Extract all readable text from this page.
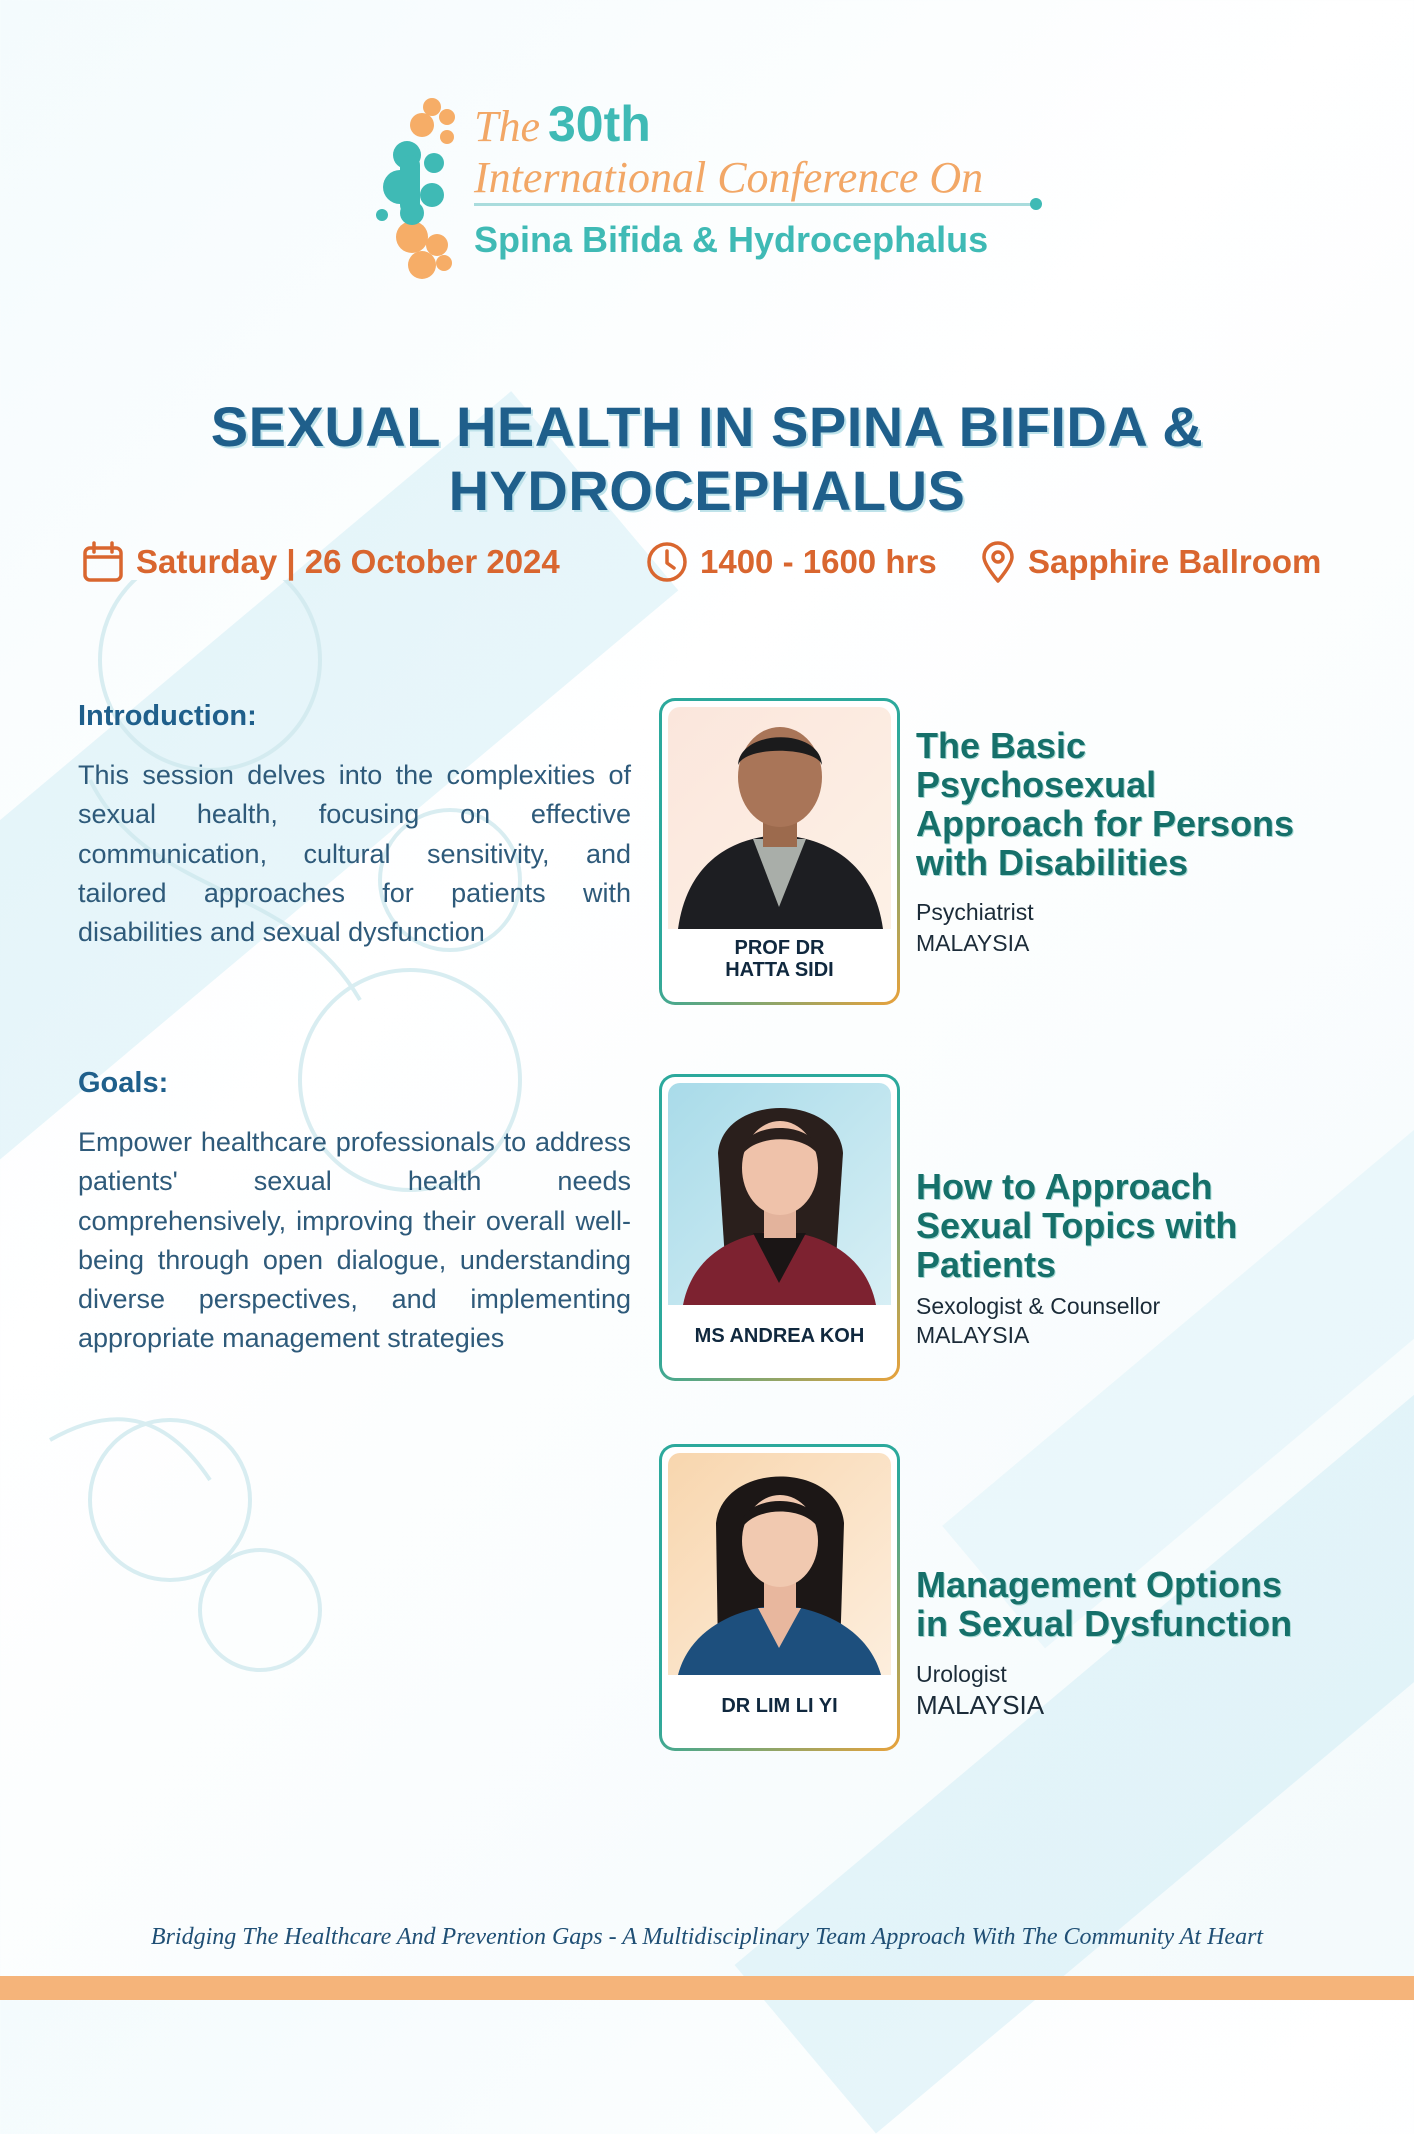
The 30th
International Conference On
Spina Bifida & Hydrocephalus
SEXUAL HEALTH IN SPINA BIFIDA &
HYDROCEPHALUS
Saturday | 26 October 2024	1400 - 1600 hrs	Sapphire Ballroom
Introduction:
This session delves into the complexities of sexual health, focusing on effective communication, cultural sensitivity, and tailored approaches for patients with disabilities and sexual dysfunction
Goals:
Empower healthcare professionals to address patients' sexual health needs comprehensively, improving their overall well-being through open dialogue, understanding diverse perspectives, and implementing appropriate management strategies
PROF DR
HATTA SIDI
The Basic
Psychosexual
Approach for Persons
with Disabilities
Psychiatrist
MALAYSIA
MS ANDREA KOH
How to Approach
Sexual Topics with
Patients
Sexologist & Counsellor
MALAYSIA
DR LIM LI YI
Management Options
in Sexual Dysfunction
Urologist
MALAYSIA
Bridging The Healthcare And Prevention Gaps - A Multidisciplinary Team Approach With The Community At Heart
